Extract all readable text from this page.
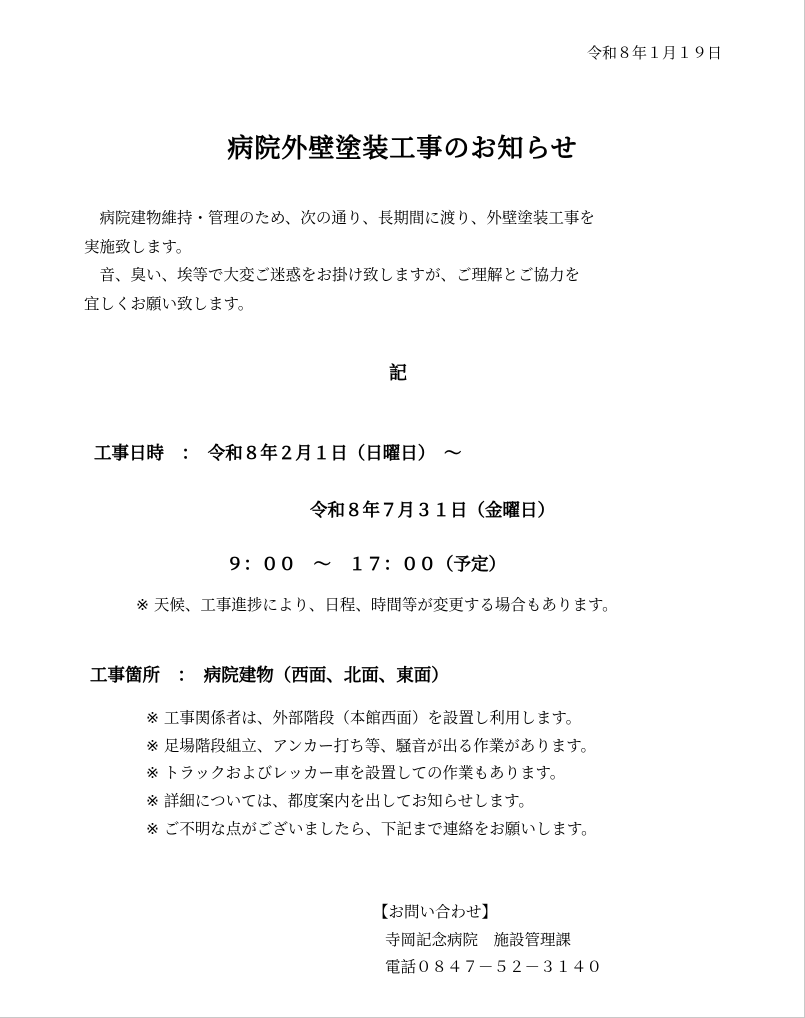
令和８年１月１９日
病院外壁塗装工事のお知らせ
　病院建物維持・管理のため、次の通り、長期間に渡り、外壁塗装工事を
実施致します。
　音、臭い、埃等で大変ご迷惑をお掛け致しますが、ご理解とご協力を
宜しくお願い致します。
記
工事日時　：　令和８年２月１日（日曜日）　～
令和８年７月３１日（金曜日）
９：００　～　１７：００（予定）
※ 天候、工事進捗により、日程、時間等が変更する場合もあります。
工事箇所　：　病院建物（西面、北面、東面）
※ 工事関係者は、外部階段（本館西面）を設置し利用します。
※ 足場階段組立、アンカー打ち等、騒音が出る作業があります。
※ トラックおよびレッカー車を設置しての作業もあります。
※ 詳細については、都度案内を出してお知らせします。
※ ご不明な点がございましたら、下記まで連絡をお願いします。
【お問い合わせ】
寺岡記念病院　施設管理課
電話０８４７－５２－３１４０
